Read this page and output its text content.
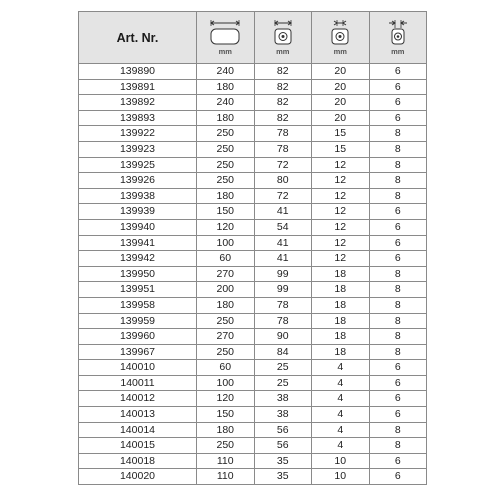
Art. Nr.	mm	mm	mm	mm

139890	240	82	20	6
139891	180	82	20	6
139892	240	82	20	6
139893	180	82	20	6
139922	250	78	15	8
139923	250	78	15	8
139925	250	72	12	8
139926	250	80	12	8
139938	180	72	12	8
139939	150	41	12	6
139940	120	54	12	6
139941	100	41	12	6
139942	60	41	12	6
139950	270	99	18	8
139951	200	99	18	8
139958	180	78	18	8
139959	250	78	18	8
139960	270	90	18	8
139967	250	84	18	8
140010	60	25	4	6
140011	100	25	4	6
140012	120	38	4	6
140013	150	38	4	6
140014	180	56	4	8
140015	250	56	4	8
140018	110	35	10	6
140020	110	35	10	6
